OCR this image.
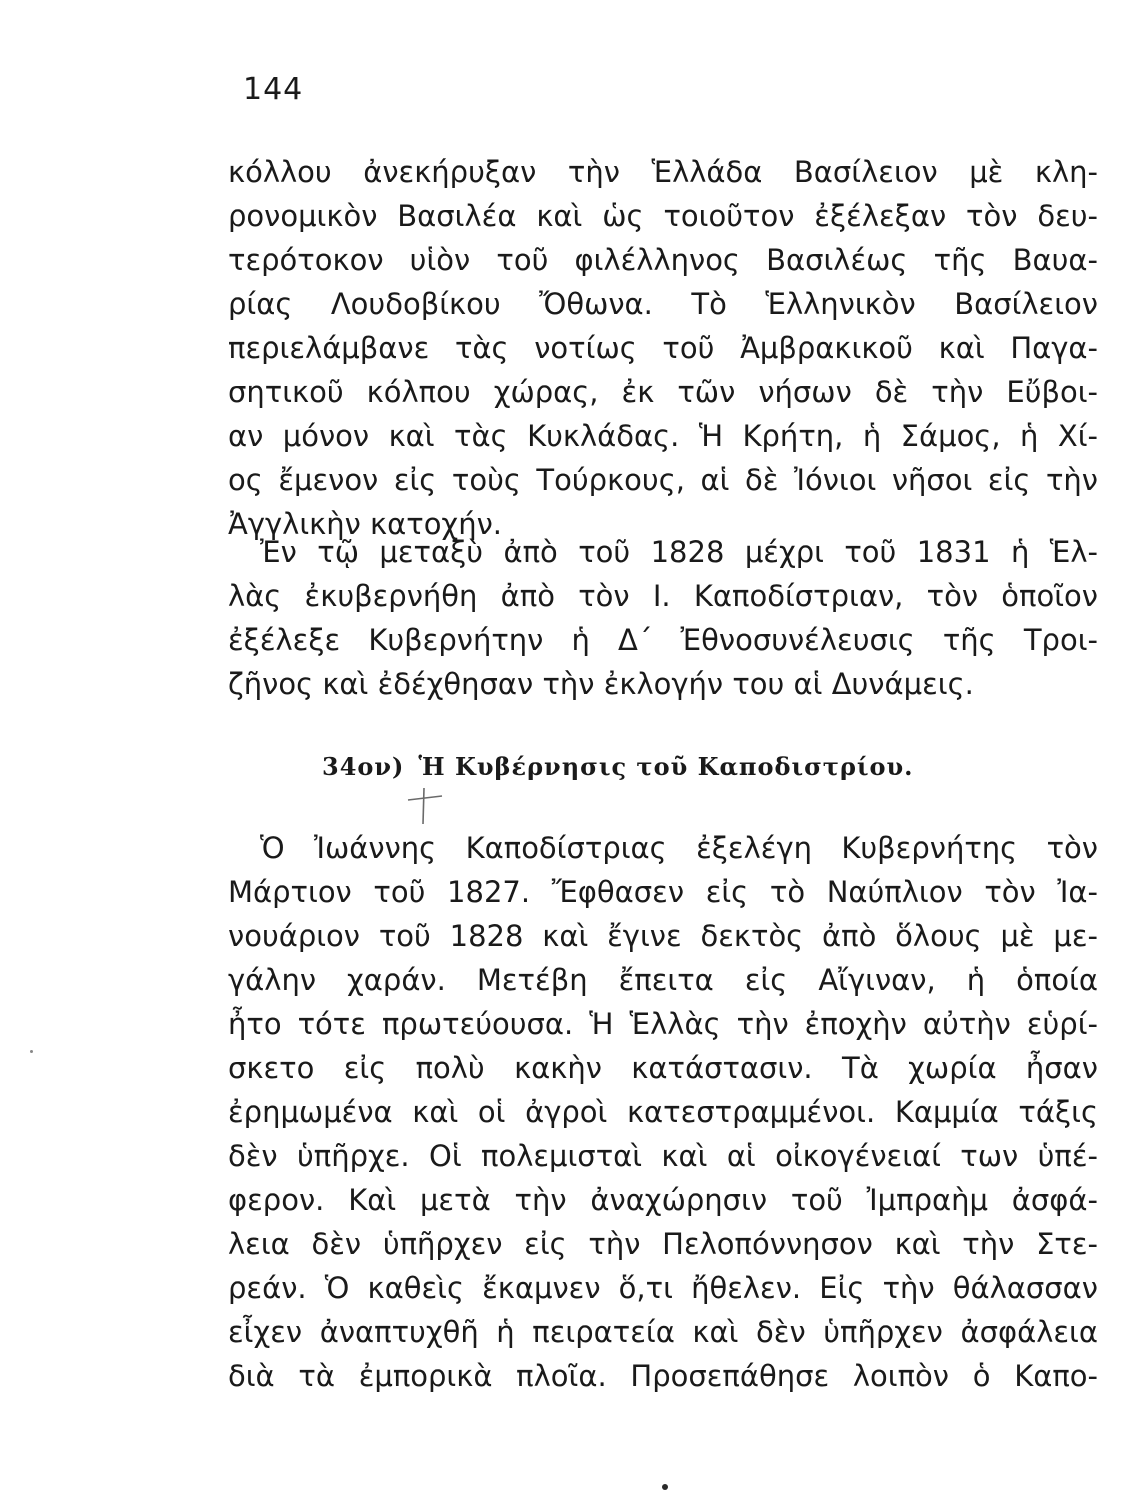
144
κόλλου ἀνεκήρυξαν τὴν Ἑλλάδα Βασίλειον μὲ κλη-
ρονομικὸν Βασιλέα καὶ ὡς τοιοῦτον ἐξέλεξαν τὸν δευ-
τερότοκον υἱὸν τοῦ φιλέλληνος Βασιλέως τῆς Βαυα-
ρίας Λουδοβίκου Ὄθωνα. Τὸ Ἑλληνικὸν Βασίλειον
περιελάμβανε τὰς νοτίως τοῦ Ἀμβρακικοῦ καὶ Παγα-
σητικοῦ κόλπου χώρας, ἐκ τῶν νήσων δὲ τὴν Εὔβοι-
αν μόνον καὶ τὰς Κυκλάδας. Ἡ Κρήτη, ἡ Σάμος, ἡ Χί-
ος ἔμενον εἰς τοὺς Τούρκους, αἱ δὲ Ἰόνιοι νῆσοι εἰς τὴν
Ἀγγλικὴν κατοχήν.
Ἐν τῷ μεταξὺ ἀπὸ τοῦ 1828 μέχρι τοῦ 1831 ἡ Ἑλ-
λὰς ἐκυβερνήθη ἀπὸ τὸν Ι. Καποδίστριαν, τὸν ὁποῖον
ἐξέλεξε Κυβερνήτην ἡ Δ΄ Ἐθνοσυνέλευσις τῆς Τροι-
ζῆνος καὶ ἐδέχθησαν τὴν ἐκλογήν του αἱ Δυνάμεις.
34ον) Ἡ Κυβέρνησις τοῦ Καποδιστρίου.
Ὁ Ἰωάννης Καποδίστριας ἐξελέγη Κυβερνήτης τὸν
Μάρτιον τοῦ 1827. Ἔφθασεν εἰς τὸ Ναύπλιον τὸν Ἰα-
νουάριον τοῦ 1828 καὶ ἔγινε δεκτὸς ἀπὸ ὅλους μὲ με-
γάλην χαράν. Μετέβη ἔπειτα εἰς Αἴγιναν, ἡ ὁποία
ἦτο τότε πρωτεύουσα. Ἡ Ἑλλὰς τὴν ἐποχὴν αὐτὴν εὑρί-
σκετο εἰς πολὺ κακὴν κατάστασιν. Τὰ χωρία ἦσαν
ἐρημωμένα καὶ οἱ ἀγροὶ κατεστραμμένοι. Καμμία τάξις
δὲν ὑπῆρχε. Οἱ πολεμισταὶ καὶ αἱ οἰκογένειαί των ὑπέ-
φερον. Καὶ μετὰ τὴν ἀναχώρησιν τοῦ Ἰμπραὴμ ἀσφά-
λεια δὲν ὑπῆρχεν εἰς τὴν Πελοπόννησον καὶ τὴν Στε-
ρεάν. Ὁ καθεὶς ἔκαμνεν ὅ,τι ἤθελεν. Εἰς τὴν θάλασσαν
εἶχεν ἀναπτυχθῆ ἡ πειρατεία καὶ δὲν ὑπῆρχεν ἀσφάλεια
διὰ τὰ ἐμπορικὰ πλοῖα. Προσεπάθησε λοιπὸν ὁ Καπο-
